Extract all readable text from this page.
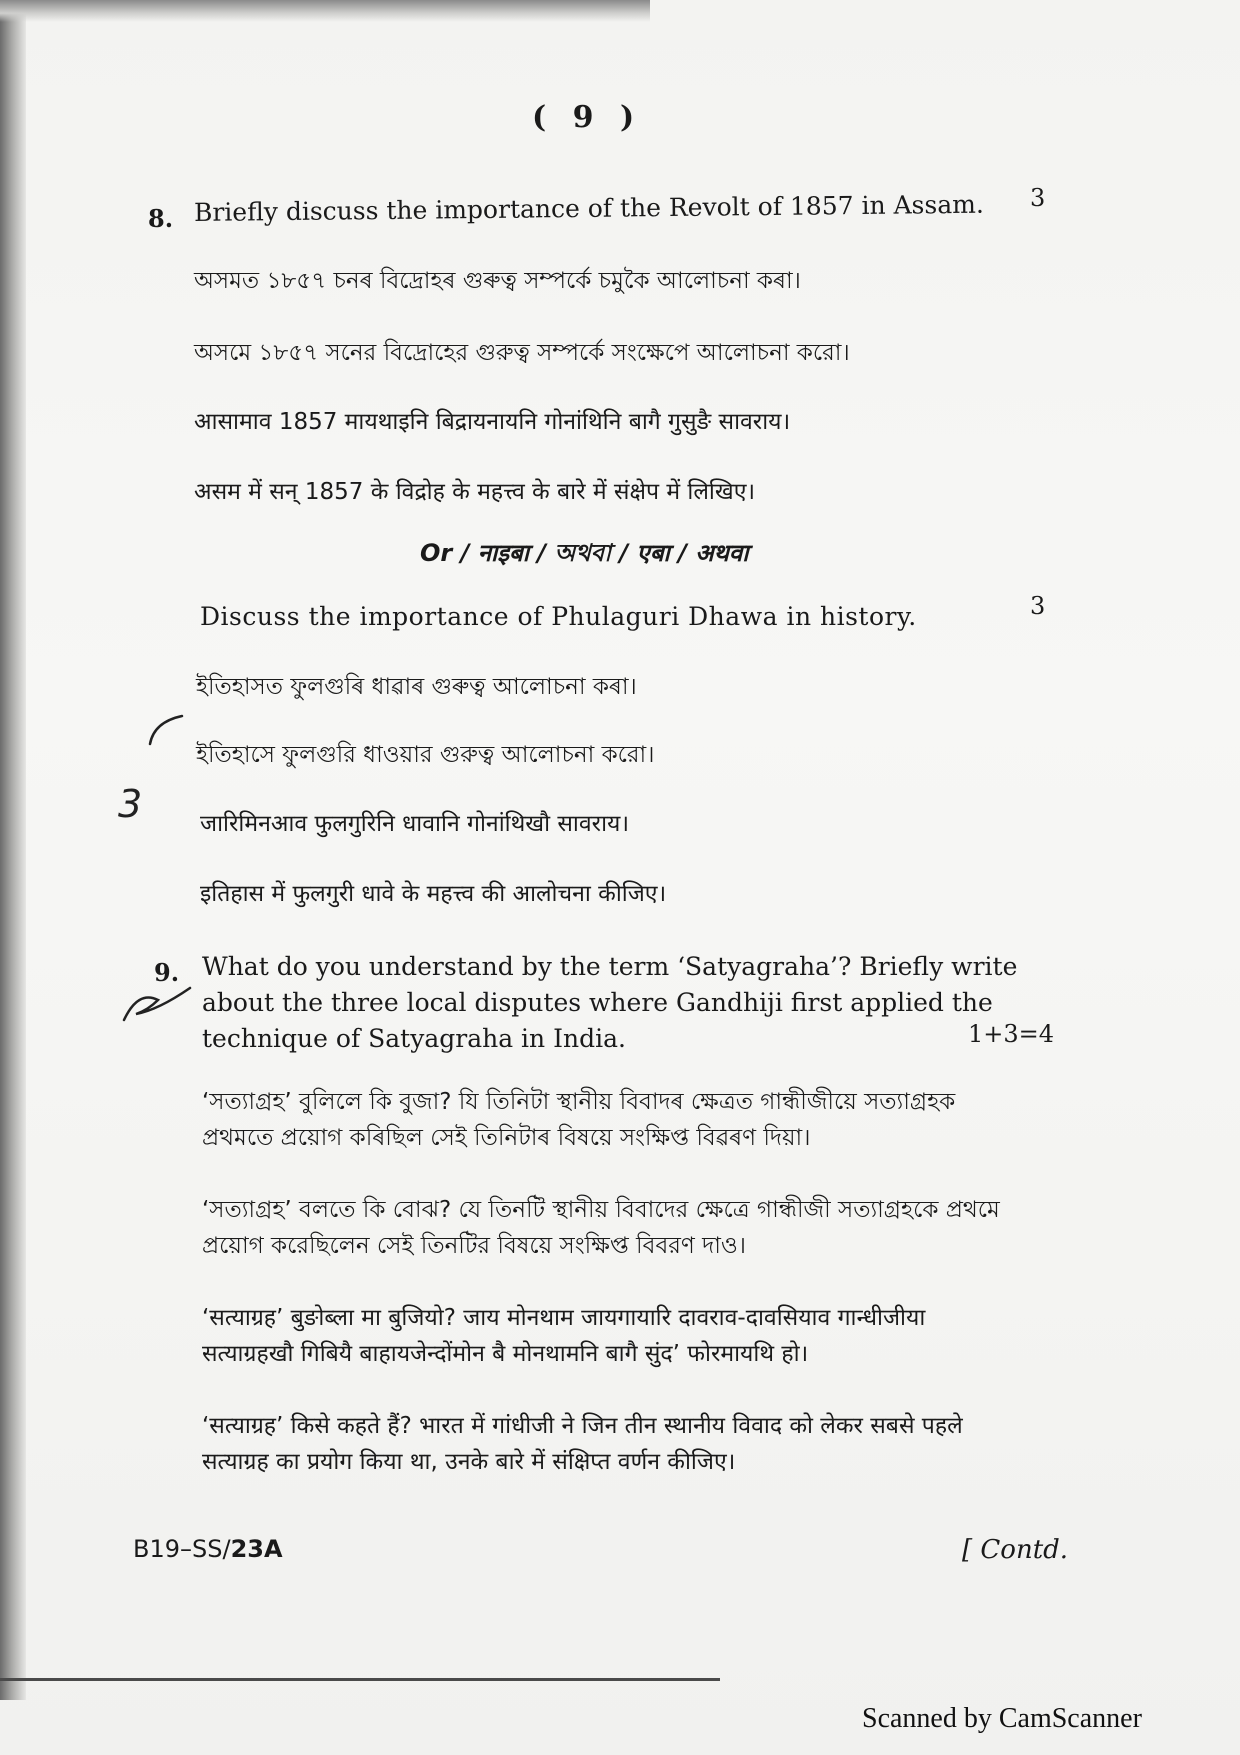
( 9 )
8. Briefly discuss the importance of the Revolt of 1857 in Assam. 3
অসমত ১৮৫৭ চনৰ বিদ্ৰোহৰ গুৰুত্ব সম্পৰ্কে চমুকৈ আলোচনা কৰা।
অসমে ১৮৫৭ সনের বিদ্রোহের গুরুত্ব সম্পর্কে সংক্ষেপে আলোচনা করো।
आसामाव 1857 मायथाइनि बिद्रायनायनि गोनांथिनि बागै गुसुङै सावराय।
असम में सन् 1857 के विद्रोह के महत्त्व के बारे में संक्षेप में लिखिए।
Or / नाइबा / অথবা / एबा / अथवा
Discuss the importance of Phulaguri Dhawa in history.	3
ইতিহাসত ফুলগুৰি ধাৱাৰ গুৰুত্ব আলোচনা কৰা।
ইতিহাসে ফুলগুরি ধাওয়ার গুরুত্ব আলোচনা করো।
जारिमिनआव फुलगुरिनि धावानि गोनांथिखौ सावराय।
इतिहास में फुलगुरी धावे के महत्त्व की आलोचना कीजिए।
3
9. What do you understand by the term ‘Satyagraha’? Briefly write
about the three local disputes where Gandhiji first applied the
technique of Satyagraha in India.	1+3=4
‘সত্যাগ্ৰহ’ বুলিলে কি বুজা? যি তিনিটা স্থানীয় বিবাদৰ ক্ষেত্ৰত গান্ধীজীয়ে সত্যাগ্ৰহক প্ৰথমতে প্ৰয়োগ কৰিছিল সেই তিনিটাৰ বিষয়ে সংক্ষিপ্ত বিৱৰণ দিয়া।
‘সত্যাগ্রহ’ বলতে কি বোঝ? যে তিনটি স্থানীয় বিবাদের ক্ষেত্রে গান্ধীজী সত্যাগ্রহকে প্রথমে প্রয়োগ করেছিলেন সেই তিনটির বিষয়ে সংক্ষিপ্ত বিবরণ দাও।
‘सत्याग्रह’ बुङोब्ला मा बुजियो? जाय मोनथाम जायगायारि दावराव-दावसियाव गान्धीजीया सत्याग्रहखौ गिबियै बाहायजेन्दोंमोन बै मोनथामनि बागै सुंद’ फोरमायथि हो।
‘सत्याग्रह’ किसे कहते हैं? भारत में गांधीजी ने जिन तीन स्थानीय विवाद को लेकर सबसे पहले सत्याग्रह का प्रयोग किया था, उनके बारे में संक्षिप्त वर्णन कीजिए।
B19–SS/23A	[ Contd.
Scanned by CamScanner
